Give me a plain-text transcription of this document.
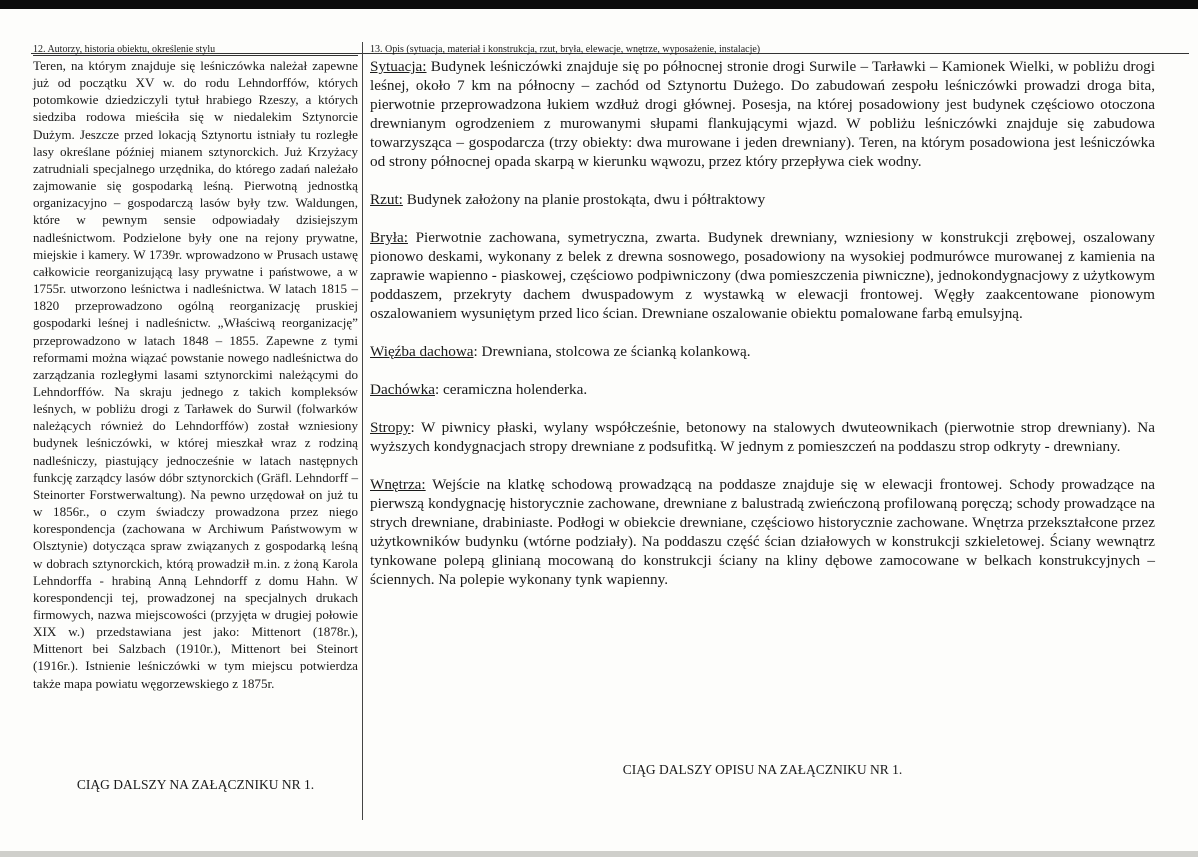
12. Autorzy, historia obiektu, określenie stylu	13. Opis (sytuacja, materiał i konstrukcja, rzut, bryła, elewacje, wnętrze, wyposażenie, instalacje)
Teren, na którym znajduje się leśniczówka należał zapewne już od początku XV w. do rodu Lehndorffów, których potomkowie dziedziczyli tytuł hrabiego Rzeszy, a których siedziba rodowa mieściła się w niedalekim Sztynorcie Dużym. Jeszcze przed lokacją Sztynortu istniały tu rozległe lasy określane później mianem sztynorckich. Już Krzyżacy zatrudniali specjalnego urzędnika, do którego zadań należało zajmowanie się gospodarką leśną. Pierwotną jednostką organizacyjno – gospodarczą lasów były tzw. Waldungen, które w pewnym sensie odpowiadały dzisiejszym nadleśnictwom. Podzielone były one na rejony prywatne, miejskie i kamery. W 1739r. wprowadzono w Prusach ustawę całkowicie reorganizującą lasy prywatne i państwowe, a w 1755r. utworzono leśnictwa i nadleśnictwa. W latach 1815 – 1820 przeprowadzono ogólną reorganizację pruskiej gospodarki leśnej i nadleśnictw. „Właściwą reorganizację” przeprowadzono w latach 1848 – 1855. Zapewne z tymi reformami można wiązać powstanie nowego nadleśnictwa do zarządzania rozległymi lasami sztynorckimi należącymi do Lehndorffów. Na skraju jednego z takich kompleksów leśnych, w pobliżu drogi z Tarławek do Surwil (folwarków należących również do Lehndorffów) został wzniesiony budynek leśniczówki, w której mieszkał wraz z rodziną nadleśniczy, piastujący jednocześnie w latach następnych funkcję zarządcy lasów dóbr sztynorckich (Gräfl. Lehndorff – Steinorter Forstwerwaltung). Na pewno urzędował on już tu w 1856r., o czym świadczy prowadzona przez niego korespondencja (zachowana w Archiwum Państwowym w Olsztynie) dotycząca spraw związanych z gospodarką leśną w dobrach sztynorckich, którą prowadził m.in. z żoną Karola Lehndorffa - hrabiną Anną Lehndorff z domu Hahn. W korespondencji tej, prowadzonej na specjalnych drukach firmowych, nazwa miejscowości (przyjęta w drugiej połowie XIX w.) przedstawiana jest jako: Mittenort (1878r.), Mittenort bei Salzbach (1910r.), Mittenort bei Steinort (1916r.). Istnienie leśniczówki w tym miejscu potwierdza także mapa powiatu węgorzewskiego z 1875r.

Sytuacja: Budynek leśniczówki znajduje się po północnej stronie drogi Surwile – Tarławki – Kamionek Wielki, w pobliżu drogi leśnej, około 7 km na północny – zachód od Sztynortu Dużego. Do zabudowań zespołu leśniczówki prowadzi droga bita, pierwotnie przeprowadzona łukiem wzdłuż drogi głównej. Posesja, na której posadowiony jest budynek częściowo otoczona drewnianym ogrodzeniem z murowanymi słupami flankującymi wjazd. W pobliżu leśniczówki znajduje się zabudowa towarzysząca – gospodarcza (trzy obiekty: dwa murowane i jeden drewniany). Teren, na którym posadowiona jest leśniczówka od strony północnej opada skarpą w kierunku wąwozu, przez który przepływa ciek wodny.

Rzut: Budynek założony na planie prostokąta, dwu i półtraktowy

Bryła: Pierwotnie zachowana, symetryczna, zwarta. Budynek drewniany, wzniesiony w konstrukcji zrębowej, oszalowany pionowo deskami, wykonany z belek z drewna sosnowego, posadowiony na wysokiej podmurówce murowanej z kamienia na zaprawie wapienno - piaskowej, częściowo podpiwniczony (dwa pomieszczenia piwniczne), jednokondygnacjowy z użytkowym poddaszem, przekryty dachem dwuspadowym z wystawką w elewacji frontowej. Węgły zaakcentowane pionowym oszalowaniem wysuniętym przed lico ścian. Drewniane oszalowanie obiektu pomalowane farbą emulsyjną.

Więźba dachowa: Drewniana, stolcowa ze ścianką kolankową.

Dachówka: ceramiczna holenderka.

Stropy: W piwnicy płaski, wylany współcześnie, betonowy na stalowych dwuteownikach (pierwotnie strop drewniany). Na wyższych kondygnacjach stropy drewniane z podsufitką. W jednym z pomieszczeń na poddaszu strop odkryty - drewniany.

Wnętrza: Wejście na klatkę schodową prowadzącą na poddasze znajduje się w elewacji frontowej. Schody prowadzące na pierwszą kondygnację historycznie zachowane, drewniane z balustradą zwieńczoną profilowaną poręczą; schody prowadzące na strych drewniane, drabiniaste. Podłogi w obiekcie drewniane, częściowo historycznie zachowane. Wnętrza przekształcone przez użytkowników budynku (wtórne podziały). Na poddaszu część ścian działowych w konstrukcji szkieletowej. Ściany wewnątrz tynkowane polepą glinianą mocowaną do konstrukcji ściany na kliny dębowe zamocowane w belkach konstrukcyjnych – ściennych. Na polepie wykonany tynk wapienny.

CIĄG DALSZY NA ZAŁĄCZNIKU NR 1.
CIĄG DALSZY OPISU NA ZAŁĄCZNIKU NR 1.
